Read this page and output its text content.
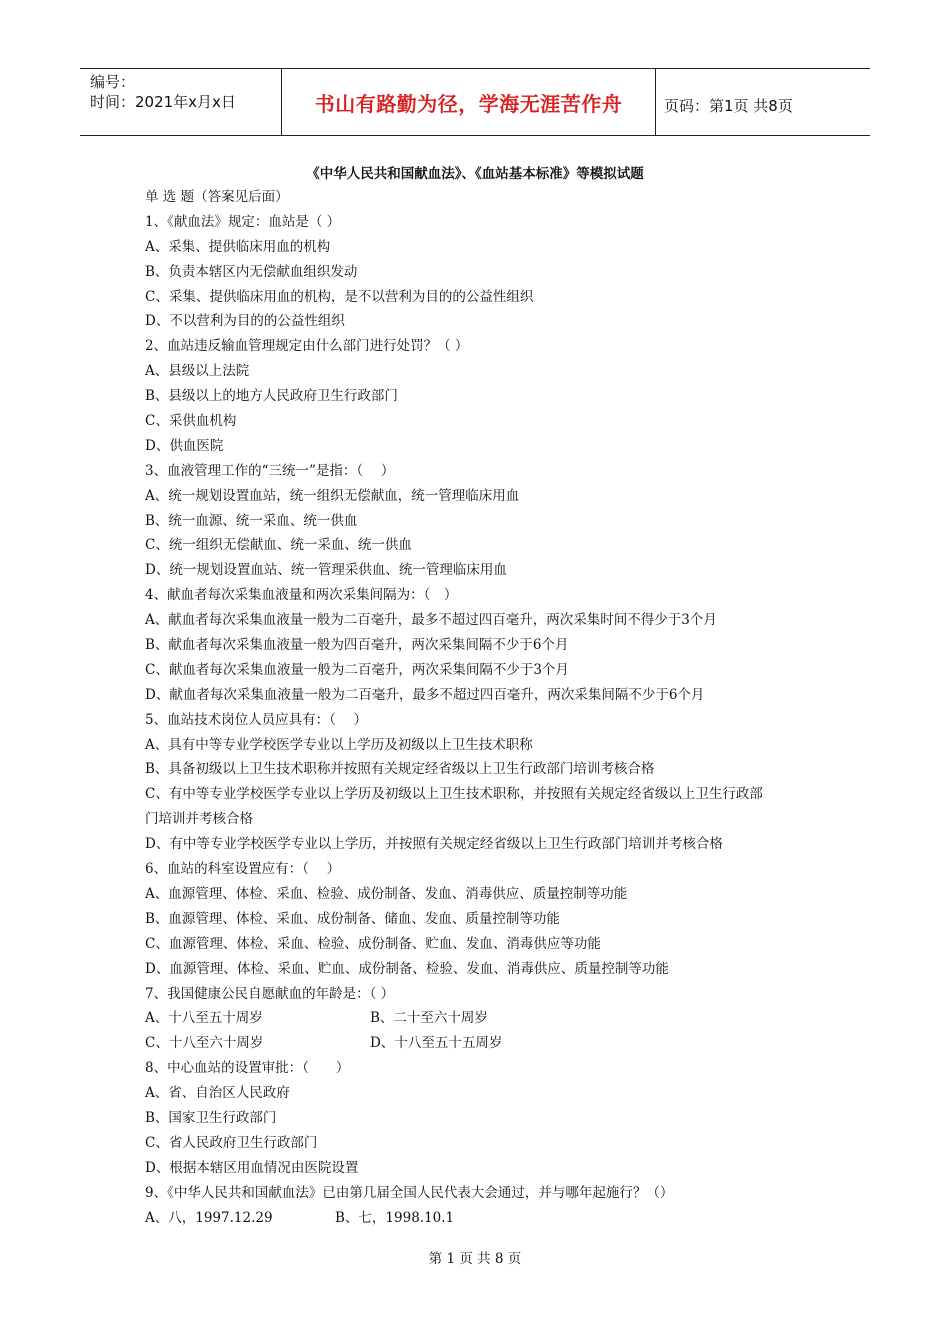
编号：
时间：2021年x月x日	书山有路勤为径，学海无涯苦作舟	页码：第1页 共8页
《中华人民共和国献血法》、《血站基本标准》等模拟试题
单 选 题（答案见后面）
1、《献血法》规定：血站是（ ）
A、采集、提供临床用血的机构
B、负责本辖区内无偿献血组织发动
C、采集、提供临床用血的机构，是不以营利为目的的公益性组织
D、不以营利为目的的公益性组织
2、血站违反输血管理规定由什么部门进行处罚？（ ）
A、县级以上法院
B、县级以上的地方人民政府卫生行政部门
C、采供血机构
D、供血医院
3、血液管理工作的“三统一”是指：（　 ）
A、统一规划设置血站，统一组织无偿献血，统一管理临床用血
B、统一血源、统一采血、统一供血
C、统一组织无偿献血、统一采血、统一供血
D、统一规划设置血站、统一管理采供血、统一管理临床用血
4、献血者每次采集血液量和两次采集间隔为：（　）
A、献血者每次采集血液量一般为二百毫升，最多不超过四百毫升，两次采集时间不得少于3个月
B、献血者每次采集血液量一般为四百毫升，两次采集间隔不少于6个月
C、献血者每次采集血液量一般为二百毫升，两次采集间隔不少于3个月
D、献血者每次采集血液量一般为二百毫升，最多不超过四百毫升，两次采集间隔不少于6个月
5、血站技术岗位人员应具有：（　 ）
A、具有中等专业学校医学专业以上学历及初级以上卫生技术职称
B、具备初级以上卫生技术职称并按照有关规定经省级以上卫生行政部门培训考核合格
C、有中等专业学校医学专业以上学历及初级以上卫生技术职称，并按照有关规定经省级以上卫生行政部
门培训并考核合格
D、有中等专业学校医学专业以上学历，并按照有关规定经省级以上卫生行政部门培训并考核合格
6、血站的科室设置应有：（　 ）
A、血源管理、体检、采血、检验、成份制备、发血、消毒供应、质量控制等功能
B、血源管理、体检、采血、成份制备、储血、发血、质量控制等功能
C、血源管理、体检、采血、检验、成份制备、贮血、发血、消毒供应等功能
D、血源管理、体检、采血、贮血、成份制备、检验、发血、消毒供应、质量控制等功能
7、我国健康公民自愿献血的年龄是：（ ）
A、十八至五十周岁	B、二十至六十周岁
C、十八至六十周岁	D、十八至五十五周岁
8、中心血站的设置审批：（　　）
A、省、自治区人民政府
B、国家卫生行政部门
C、省人民政府卫生行政部门
D、根据本辖区用血情况由医院设置
9、《中华人民共和国献血法》已由第几届全国人民代表大会通过，并与哪年起施行？（）
A、八，1997.12.29	B、七，1998.10.1
第 1 页 共 8 页
